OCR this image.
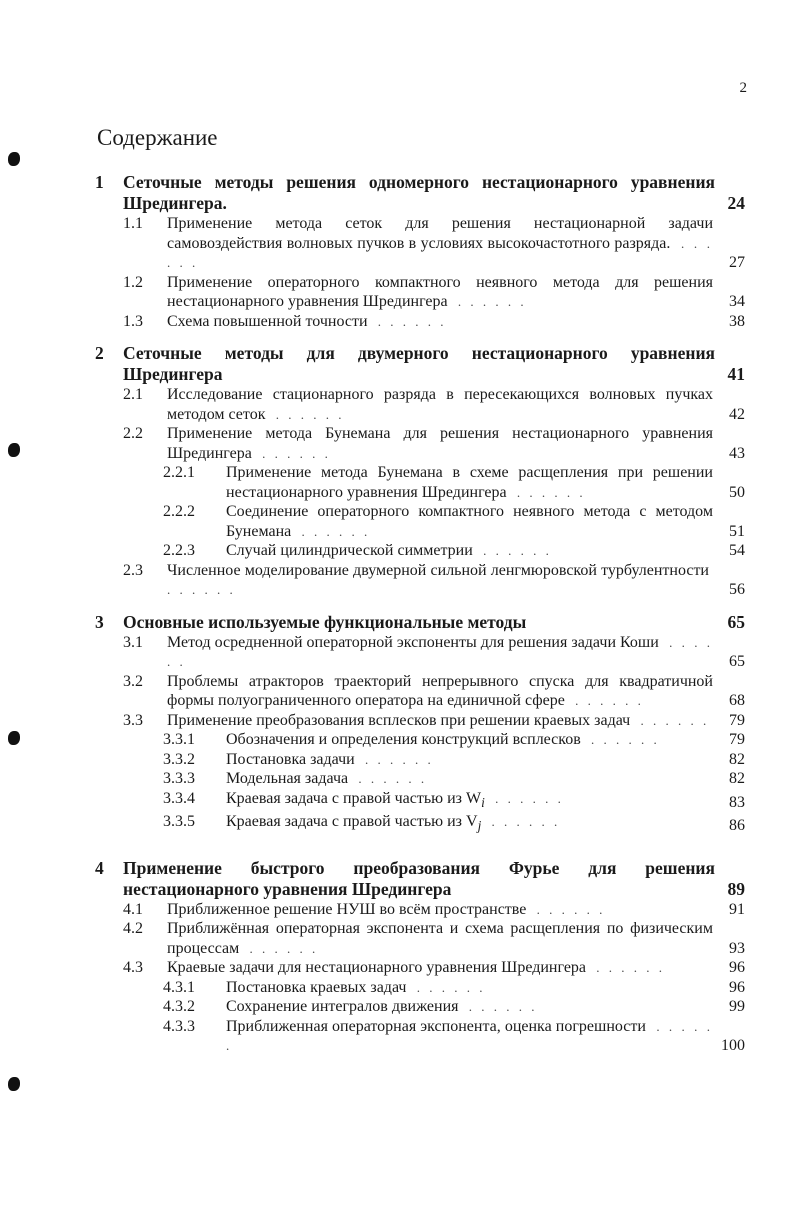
2
Содержание
1 Сеточные методы решения одномерного нестационарного уравнения Шредингера.	24
1.1 Применение метода сеток для решения нестационарной задачи самовоздействия волновых пучков в условиях высокочастотного разряда. . . . . . .	27
1.2 Применение операторного компактного неявного метода для решения нестационарного уравнения Шредингера . . . . . .	34
1.3 Схема повышенной точности . . . . . .	38
2 Сеточные методы для двумерного нестационарного уравнения Шредингера	41
2.1 Исследование стационарного разряда в пересекающихся волновых пучках методом сеток . . . . . .	42
2.2 Применение метода Бунемана для решения нестационарного уравнения Шредингера . . . . . .	43
2.2.1 Применение метода Бунемана в схеме расщепления при решении нестационарного уравнения Шредингера . . . . . .	50
2.2.2 Соединение операторного компактного неявного метода с методом Бунемана . . . . . .	51
2.2.3 Случай цилиндрической симметрии . . . . . .	54
2.3 Численное моделирование двумерной сильной ленгмюровской турбулентности . . . . . .	56
3 Основные используемые функциональные методы	65
3.1 Метод осредненной операторной экспоненты для решения задачи Коши . . . . . .	65
3.2 Проблемы атракторов траекторий непрерывного спуска для квадратичной формы полуограниченного оператора на единичной сфере . . . . . .	68
3.3 Применение преобразования всплесков при решении краевых задач . . . . . . 79
3.3.1 Обозначения и определения конструкций всплесков . . . . . .	79
3.3.2 Постановка задачи . . . . . .	82
3.3.3 Модельная задача . . . . . .	82
3.3.4 Краевая задача с правой частью из $W_i$ . . . . . .	83
3.3.5 Краевая задача с правой частью из $V_j$ . . . . . .	86
4 Применение быстрого преобразования Фурье для решения нестационарного уравнения Шредингера	89
4.1 Приближенное решение НУШ во всём пространстве . . . . . .	91
4.2 Приближённая операторная экспонента и схема расщепления по физическим процессам . . . . . .	93
4.3 Краевые задачи для нестационарного уравнения Шредингера . . . . . .	96
4.3.1 Постановка краевых задач . . . . . .	96
4.3.2 Сохранение интегралов движения . . . . . .	99
4.3.3 Приближенная операторная экспонента, оценка погрешности . . . . . .	100
